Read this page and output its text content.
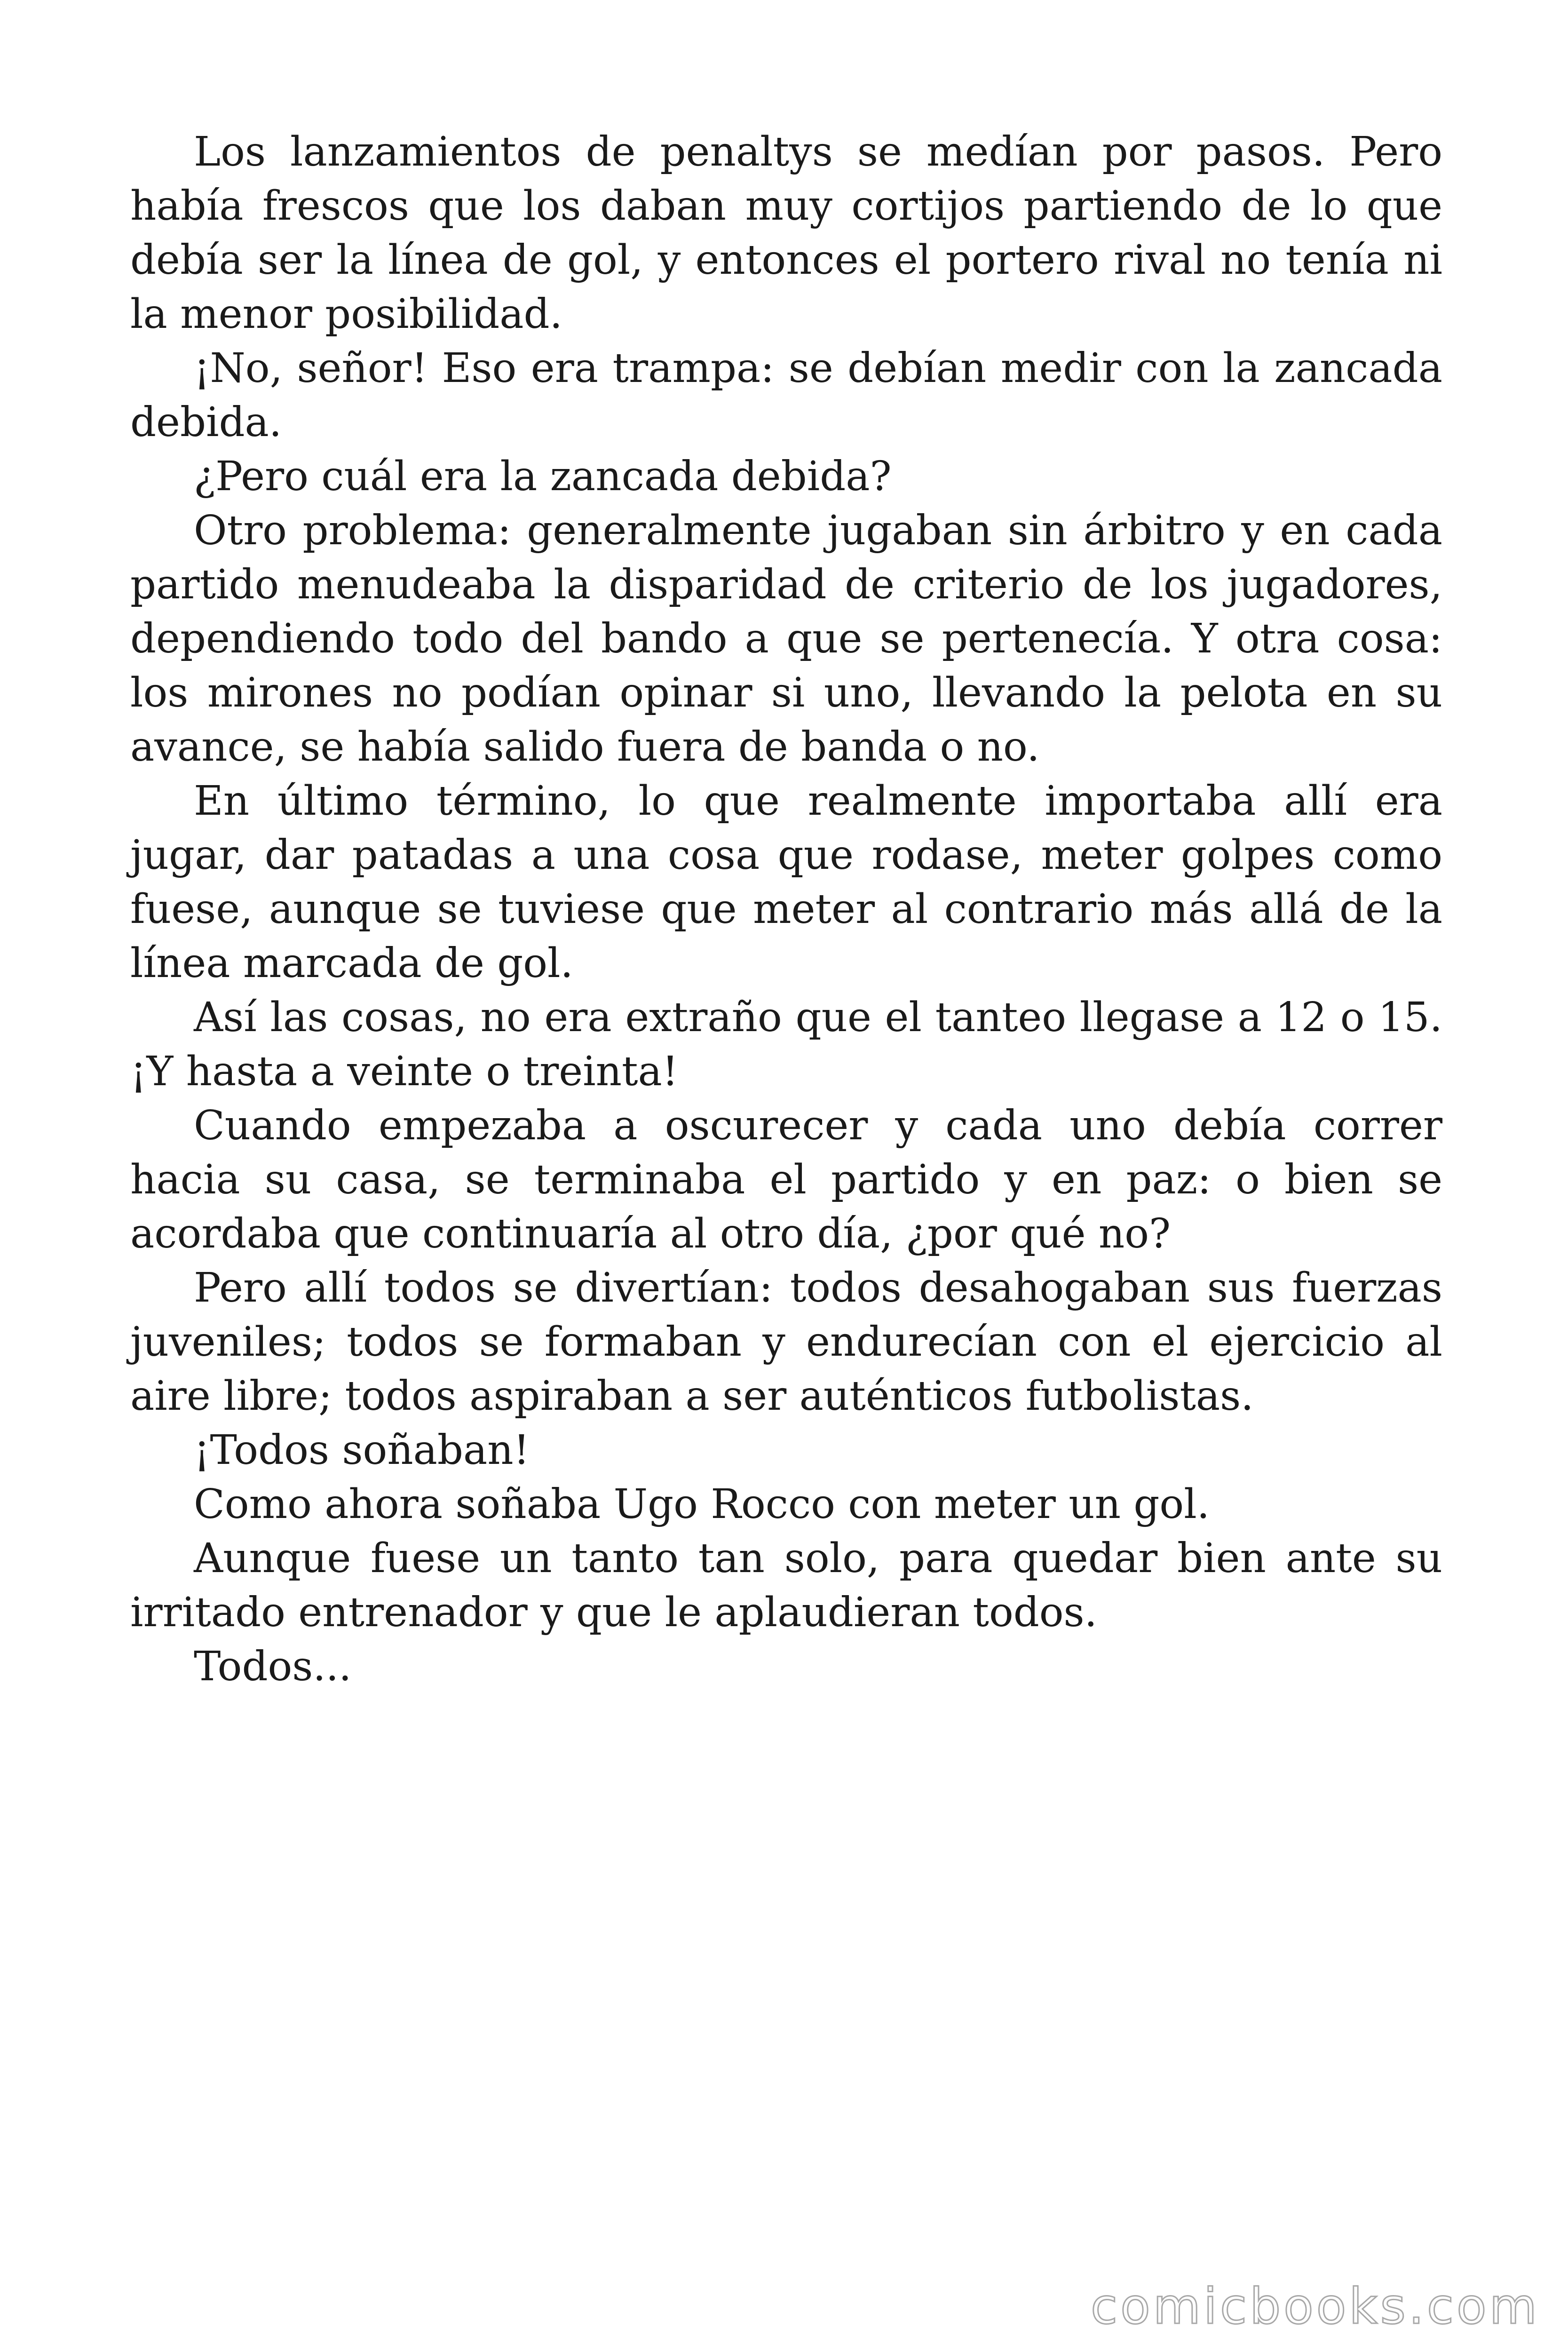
Los lanzamientos de penaltys se medían por pasos. Pero había frescos que los daban muy cortijos partiendo de lo que debía ser la línea de gol, y entonces el portero rival no tenía ni la menor posibilidad.

¡No, señor! Eso era trampa: se debían medir con la zancada debida.

¿Pero cuál era la zancada debida?

Otro problema: generalmente jugaban sin árbitro y en cada partido menudeaba la disparidad de criterio de los jugadores, dependiendo todo del bando a que se pertenecía. Y otra cosa: los mirones no podían opinar si uno, llevando la pelota en su avance, se había salido fuera de banda o no.

En último término, lo que realmente importaba allí era jugar, dar patadas a una cosa que rodase, meter golpes como fuese, aunque se tuviese que meter al contrario más allá de la línea marcada de gol.

Así las cosas, no era extraño que el tanteo llegase a 12 o 15. ¡Y hasta a veinte o treinta!

Cuando empezaba a oscurecer y cada uno debía correr hacia su casa, se terminaba el partido y en paz: o bien se acordaba que continuaría al otro día, ¿por qué no?

Pero allí todos se divertían: todos desahogaban sus fuerzas juveniles; todos se formaban y endurecían con el ejercicio al aire libre; todos aspiraban a ser auténticos futbolistas.

¡Todos soñaban!

Como ahora soñaba Ugo Rocco con meter un gol.

Aunque fuese un tanto tan solo, para quedar bien ante su irritado entrenador y que le aplaudieran todos.

Todos...

comicbooks.com
